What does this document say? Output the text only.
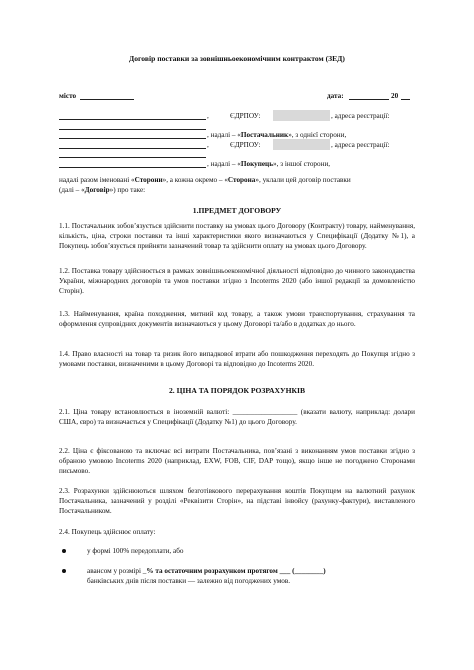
Договір поставки за зовнішньоекономічним контрактом (ЗЕД)
місто	дата:	20
,	ЄДРПОУ:	, адреса реєстрації:
, надалі – «Постачальник», з однієї сторони,
,	ЄДРПОУ:	, адреса реєстрації:
, надалі – «Покупець», з іншої сторони,
надалі разом іменовані «Сторони», а кожна окремо – «Сторона», уклали цей договір поставки
(далі – «Договір») про таке:
1.ПРЕДМЕТ ДОГОВОРУ
1.1. Постачальник зобов’язується здійснити поставку на умовах цього Договору (Контракту) товару, найменування, кількість, ціна, строки поставки та інші характеристики якого визначаються у Специфікації (Додатку №1), а Покупець зобов’язується прийняти зазначений товар та здійснити оплату на умовах цього Договору.
1.2. Поставка товару здійснюється в рамках зовнішньоекономічної діяльності відповідно до чинного законодавства України, міжнародних договорів та умов поставки згідно з Incoterms 2020 (або іншої редакції за домовленістю Сторін).
1.3. Найменування, країна походження, митний код товару, а також умови транспортування, страхування та оформлення супровідних документів визначаються у цьому Договорі та/або в додатках до нього.
1.4. Право власності на товар та ризик його випадкової втрати або пошкодження переходять до Покупця згідно з умовами поставки, визначеними в цьому Договорі та відповідно до Incoterms 2020.
2. ЦІНА ТА ПОРЯДОК РОЗРАХУНКІВ
2.1. Ціна товару встановлюється в іноземній валюті: __________________ (вказати валюту, наприклад: долари США, євро) та визначається у Специфікації (Додатку №1) до цього Договору.
2.2. Ціна є фіксованою та включає всі витрати Постачальника, пов’язані з виконанням умов поставки згідно з обраною умовою Incoterms 2020 (наприклад, EXW, FOB, CIF, DAP тощо), якщо інше не погоджено Сторонами письмово.
2.3. Розрахунки здійснюються шляхом безготівкового перерахування коштів Покупцем на валютний рахунок Постачальника, зазначений у розділі «Реквізити Сторін», на підставі інвойсу (рахунку-фактури), виставленого Постачальником.
2.4. Покупець здійснює оплату:
у формі 100% передоплати, або
авансом у розмірі _% та остаточним розрахунком протягом ___ (________)
банківських днів після поставки — залежно від погоджених умов.
